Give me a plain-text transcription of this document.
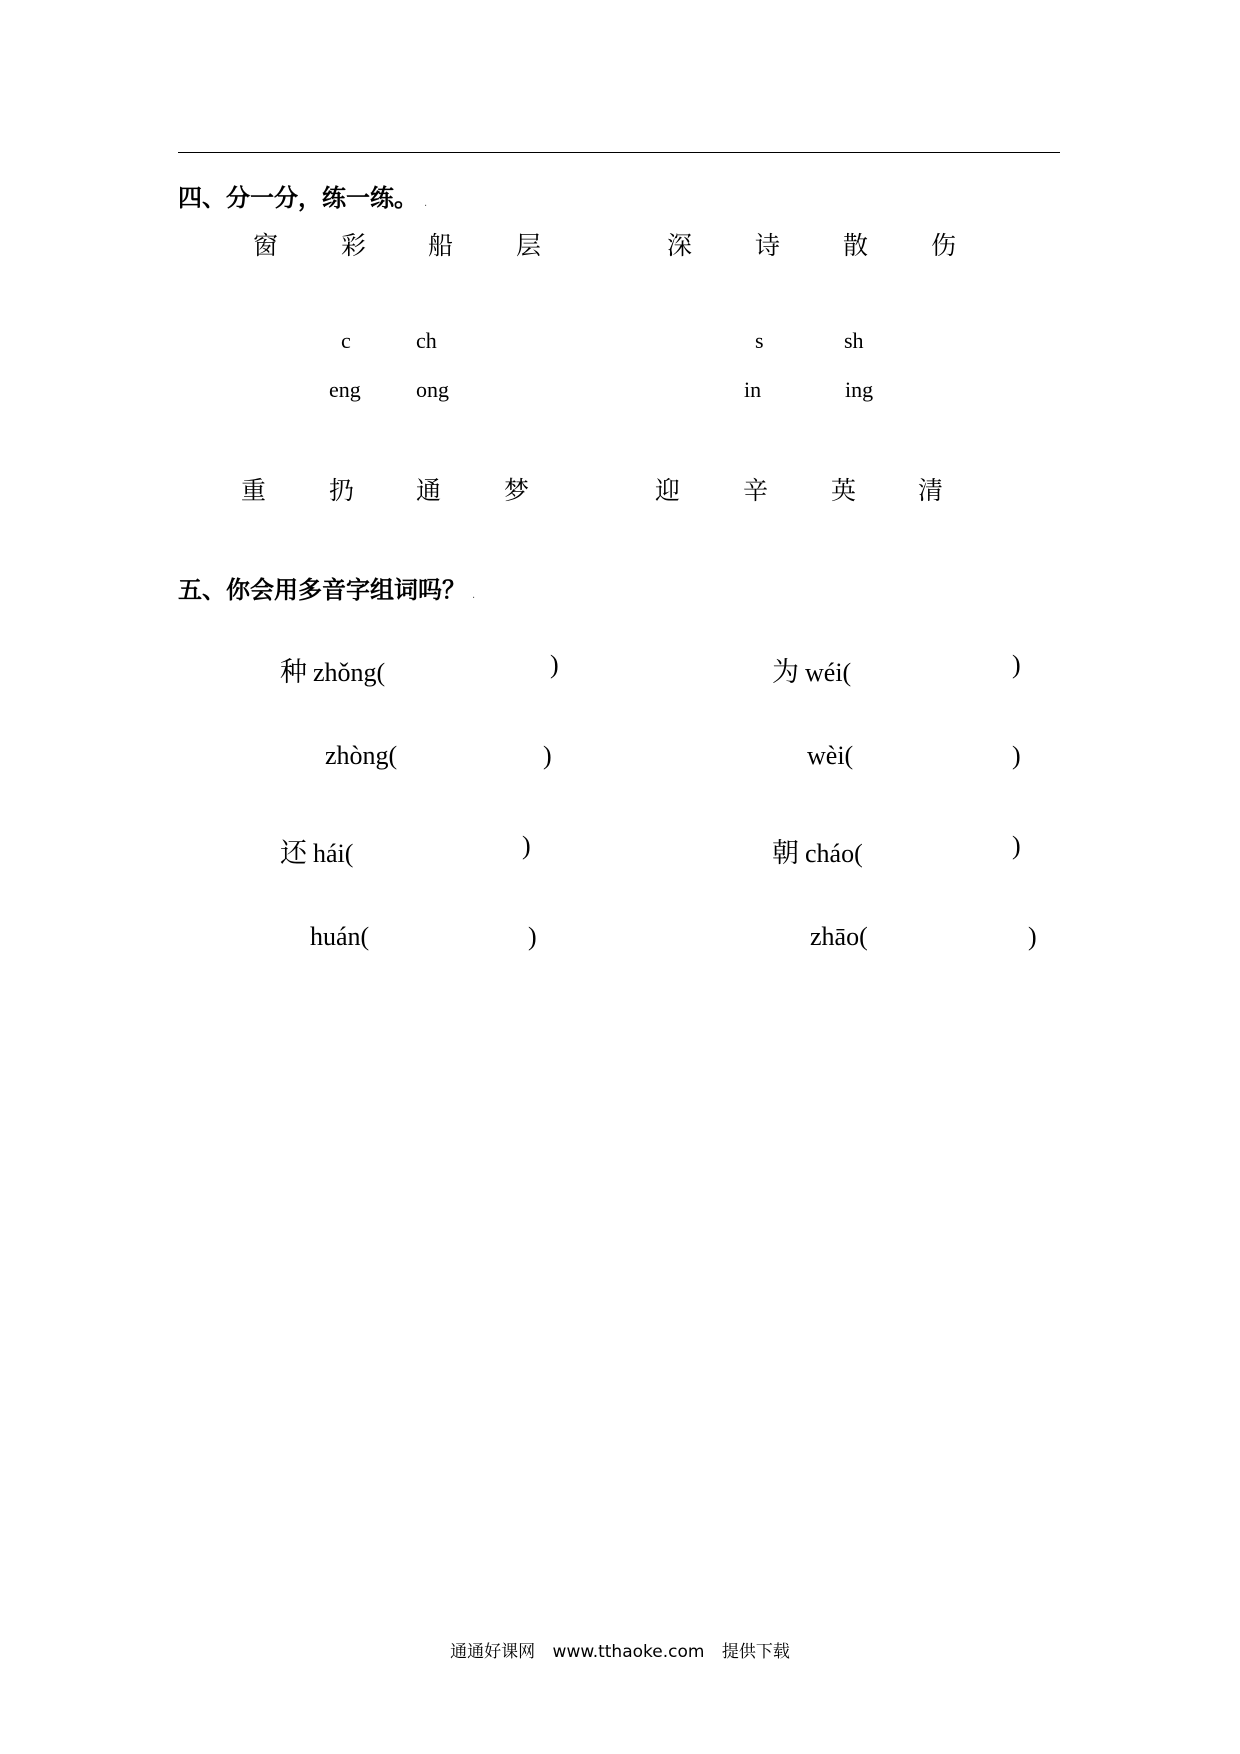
四、分一分，练一练。 .
窗	彩 船	层	深	诗	散	伤
c	ch
eng	ong
s	sh
in	ing
重	扔 通	梦	迎	辛	英 清
五、你会用多音字组词吗？ .
种 zhǒng(	)	为 wéi(	)
zhòng(	)	wèi(	)
还 hái(	)	朝 cháo(	)
huán(	)	zhāo(	)
通通好课网 www.tthaoke.com 提供下载
